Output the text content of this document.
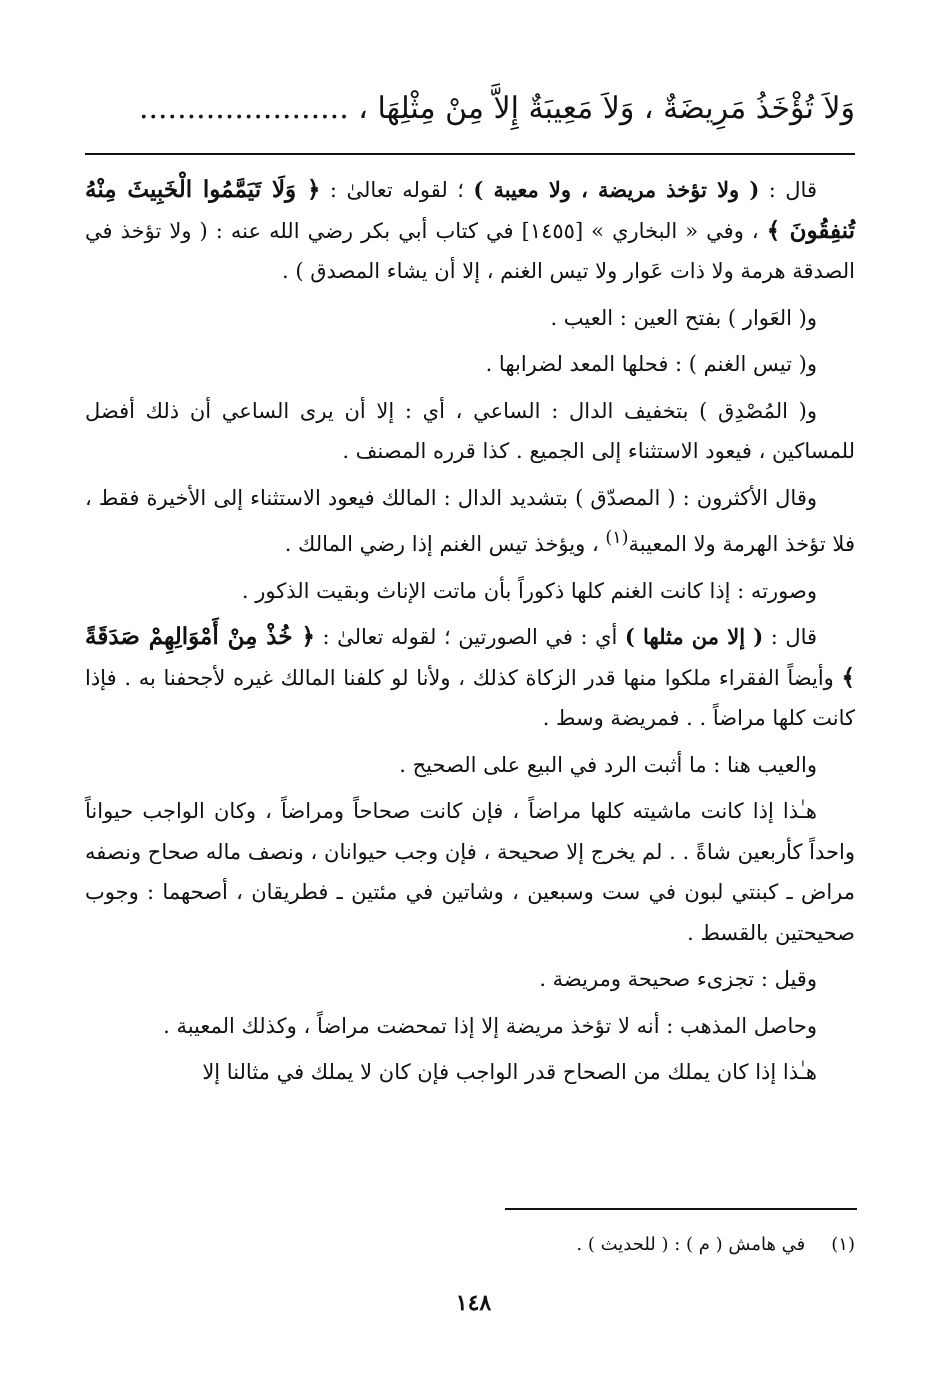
وَلاَ تُؤْخَذُ مَرِيضَةٌ ، وَلاَ مَعِيبَةٌ إِلاَّ مِنْ مِثْلِهَا ، ......................

قال : ( ولا تؤخذ مريضة ، ولا معيبة ) ؛ لقوله تعالىٰ : ﴿ وَلَا تَيَمَّمُوا الْخَبِيثَ مِنْهُ تُنفِقُونَ ﴾ ، وفي « البخاري » [١٤٥٥] في كتاب أبي بكر رضي الله عنه : ( ولا تؤخذ في الصدقة هرمة ولا ذات عَوار ولا تيس الغنم ، إلا أن يشاء المصدق ) .

و( العَوار ) بفتح العين : العيب .

و( تيس الغنم ) : فحلها المعد لضرابها .

و( المُصْدِق ) بتخفيف الدال : الساعي ، أي : إلا أن يرى الساعي أن ذلك أفضل للمساكين ، فيعود الاستثناء إلى الجميع . كذا قرره المصنف .

وقال الأكثرون : ( المصدّق ) بتشديد الدال : المالك فيعود الاستثناء إلى الأخيرة فقط ، فلا تؤخذ الهرمة ولا المعيبة$^{(١)}$ ، ويؤخذ تيس الغنم إذا رضي المالك .

وصورته : إذا كانت الغنم كلها ذكوراً بأن ماتت الإناث وبقيت الذكور .

قال : ( إلا من مثلها ) أي : في الصورتين ؛ لقوله تعالىٰ : ﴿ خُذْ مِنْ أَمْوَالِهِمْ صَدَقَةً ﴾ وأيضاً الفقراء ملكوا منها قدر الزكاة كذلك ، ولأنا لو كلفنا المالك غيره لأجحفنا به . فإذا كانت كلها مراضاً . . فمريضة وسط .

والعيب هنا : ما أثبت الرد في البيع على الصحيح .

هـٰذا إذا كانت ماشيته كلها مراضاً ، فإن كانت صحاحاً ومراضاً ، وكان الواجب حيواناً واحداً كأربعين شاةً . . لم يخرج إلا صحيحة ، فإن وجب حيوانان ، ونصف ماله صحاح ونصفه مراض ـ كبنتي لبون في ست وسبعين ، وشاتين في مئتين ـ فطريقان ، أصحهما : وجوب صحيحتين بالقسط .

وقيل : تجزىء صحيحة ومريضة .

وحاصل المذهب : أنه لا تؤخذ مريضة إلا إذا تمحضت مراضاً ، وكذلك المعيبة .

هـٰذا إذا كان يملك من الصحاح قدر الواجب فإن كان لا يملك في مثالنا إلا

(١) في هامش ( م ) : ( للحديث ) .
١٤٨
